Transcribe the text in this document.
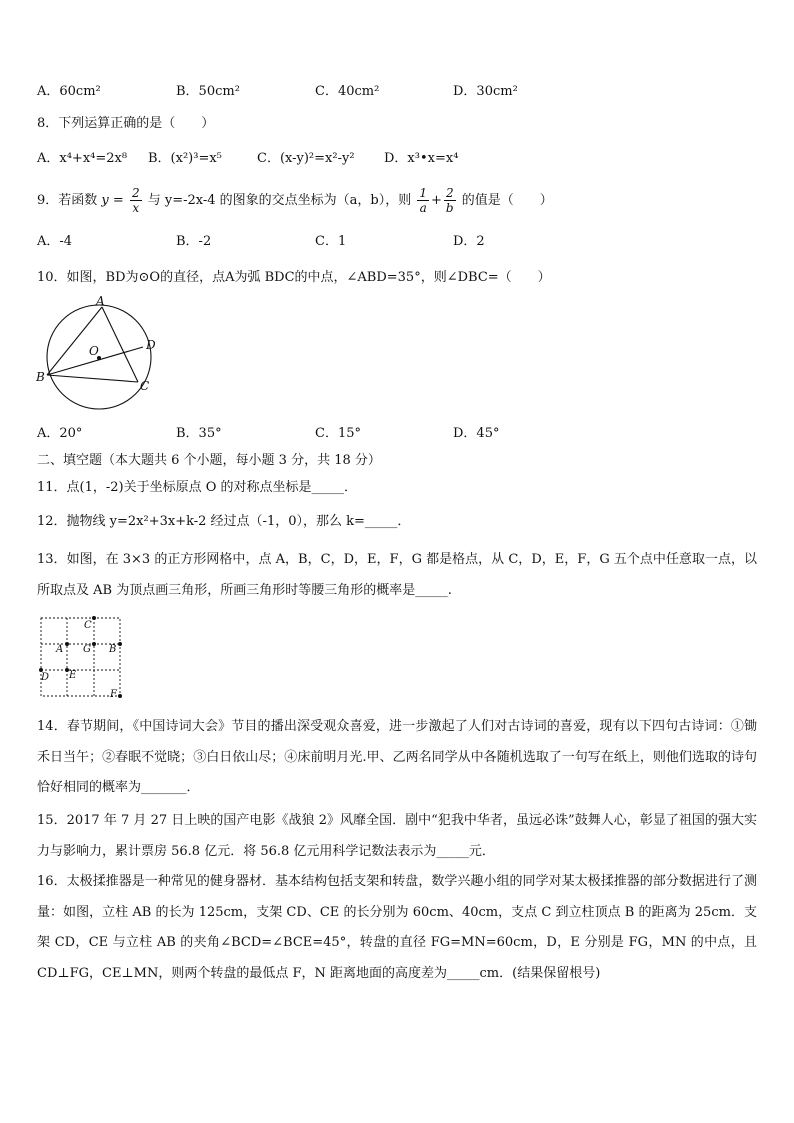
A．60cm²	B．50cm²	C．40cm²	D．30cm²
8．下列运算正确的是（　　）
A．x⁴+x⁴=2x⁸ B．(x²)³=x⁵	C．(x-y)²=x²-y² D．x³•x=x⁴
9．若函数 $y = \frac{2}{x}$ 与 y=-2x-4 的图象的交点坐标为（a，b），则 $\frac{1}{a} + \frac{2}{b}$ 的值是（　　）
A．-4	B．-2	C．1	D．2
10．如图，BD为⊙O的直径，点A为弧 BDC的中点，∠ABD=35°，则∠DBC=（　　）
A
O	D
B
C
A．20°	B．35°	C．15°	D．45°
二、填空题（本大题共 6 个小题，每小题 3 分，共 18 分）
11．点(1，-2)关于坐标原点 O 的对称点坐标是_____．
12．抛物线 y=2x²+3x+k-2 经过点（-1，0），那么 k=_____．
13．如图，在 3×3 的正方形网格中，点 A，B，C，D，E，F，G 都是格点，从 C，D，E，F，G 五个点中任意取一点，以所取点及 AB 为顶点画三角形，所画三角形时等腰三角形的概率是_____.
C
A G B
D E
F
14．春节期间，《中国诗词大会》节目的播出深受观众喜爱，进一步激起了人们对古诗词的喜爱，现有以下四句古诗词：①锄禾日当午；②春眠不觉晓；③白日依山尽；④床前明月光.甲、乙两名同学从中各随机选取了一句写在纸上，则他们选取的诗句恰好相同的概率为_______．
15．2017 年 7 月 27 日上映的国产电影《战狼 2》风靡全国．剧中“犯我中华者，虽远必诛”鼓舞人心，彰显了祖国的强大实力与影响力，累计票房 56.8 亿元．将 56.8 亿元用科学记数法表示为_____元．
16．太极揉推器是一种常见的健身器材．基本结构包括支架和转盘，数学兴趣小组的同学对某太极揉推器的部分数据进行了测量：如图，立柱 AB 的长为 125cm，支架 CD、CE 的长分别为 60cm、40cm，支点 C 到立柱顶点 B 的距离为 25cm．支架 CD，CE 与立柱 AB 的夹角∠BCD=∠BCE=45°，转盘的直径 FG=MN=60cm，D，E 分别是 FG，MN 的中点，且 CD⊥FG，CE⊥MN，则两个转盘的最低点 F，N 距离地面的高度差为_____cm．(结果保留根号)
